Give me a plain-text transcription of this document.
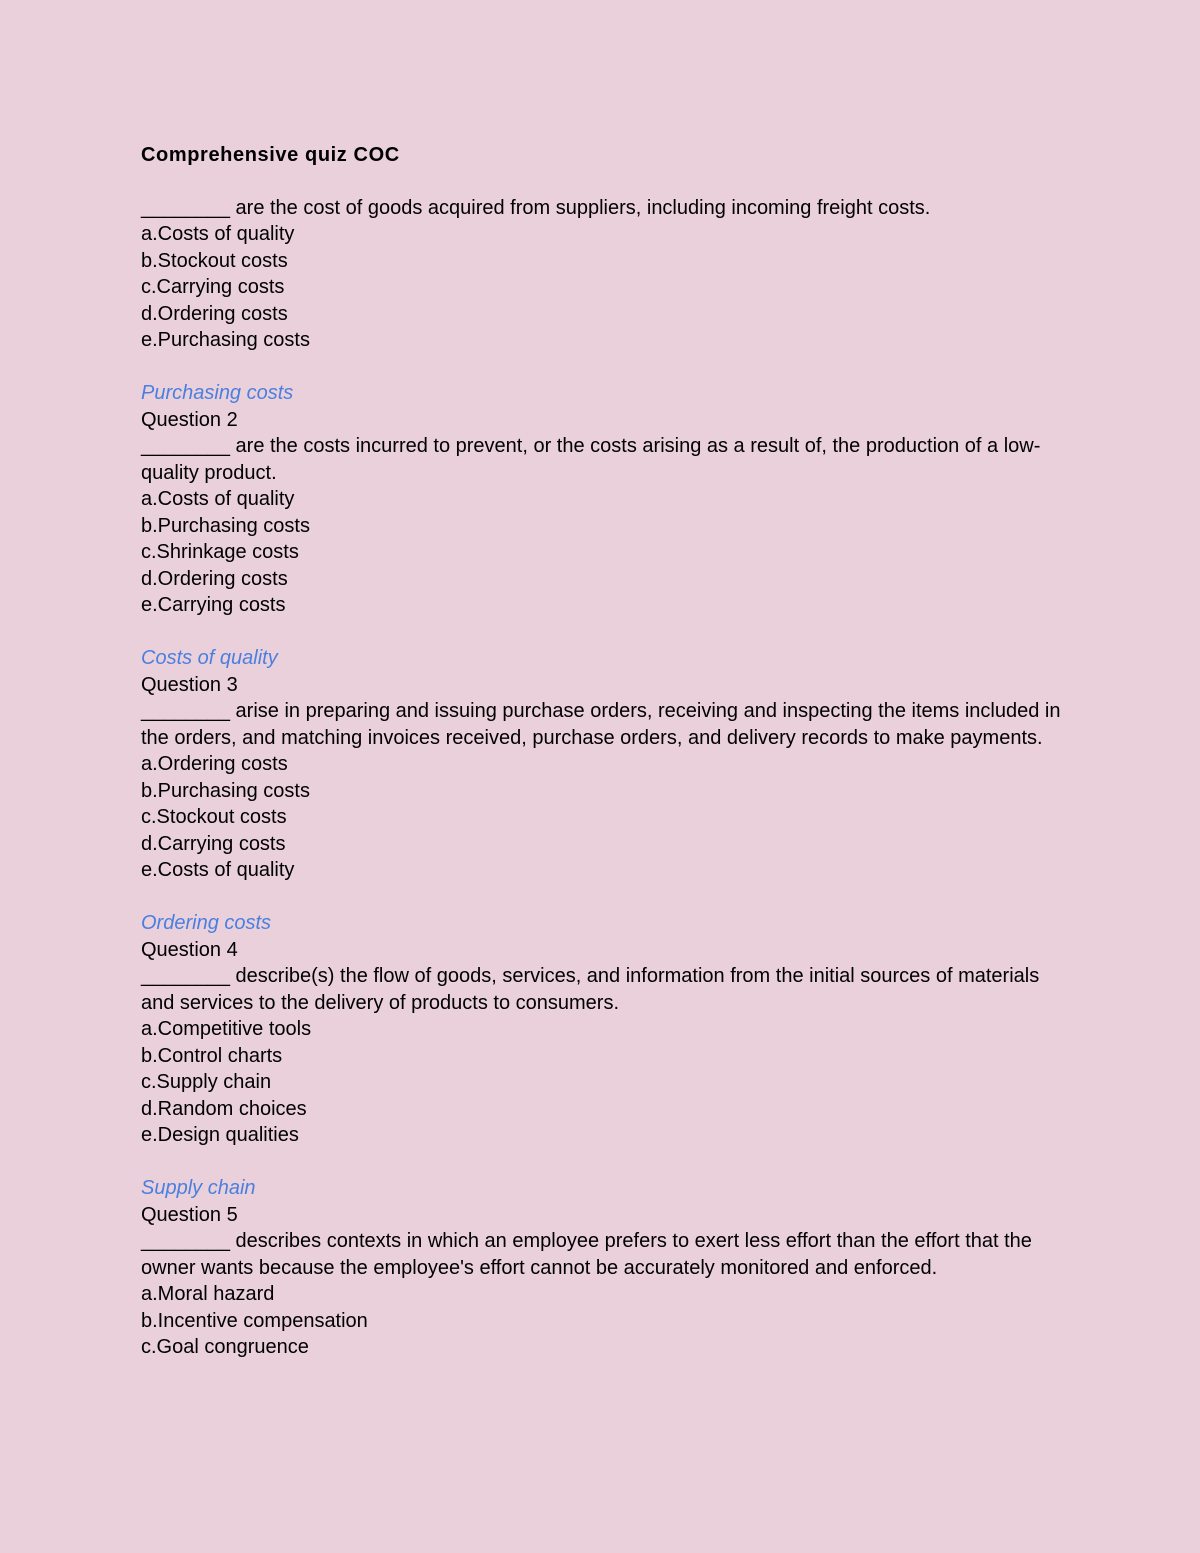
Comprehensive quiz COC

________ are the cost of goods acquired from suppliers, including incoming freight costs.

a.Costs of quality

b.Stockout costs

c.Carrying costs

d.Ordering costs

e.Purchasing costs

Purchasing costs

Question 2

________ are the costs incurred to prevent, or the costs arising as a result of, the production of a low-quality product.

a.Costs of quality

b.Purchasing costs

c.Shrinkage costs

d.Ordering costs

e.Carrying costs

Costs of quality

Question 3

________ arise in preparing and issuing purchase orders, receiving and inspecting the items included in the orders, and matching invoices received, purchase orders, and delivery records to make payments.

a.Ordering costs

b.Purchasing costs

c.Stockout costs

d.Carrying costs

e.Costs of quality

Ordering costs

Question 4

________ describe(s) the flow of goods, services, and information from the initial sources of materials and services to the delivery of products to consumers.

a.Competitive tools

b.Control charts

c.Supply chain

d.Random choices

e.Design qualities

Supply chain

Question 5

________ describes contexts in which an employee prefers to exert less effort than the effort that the owner wants because the employee's effort cannot be accurately monitored and enforced.

a.Moral hazard

b.Incentive compensation

c.Goal congruence
